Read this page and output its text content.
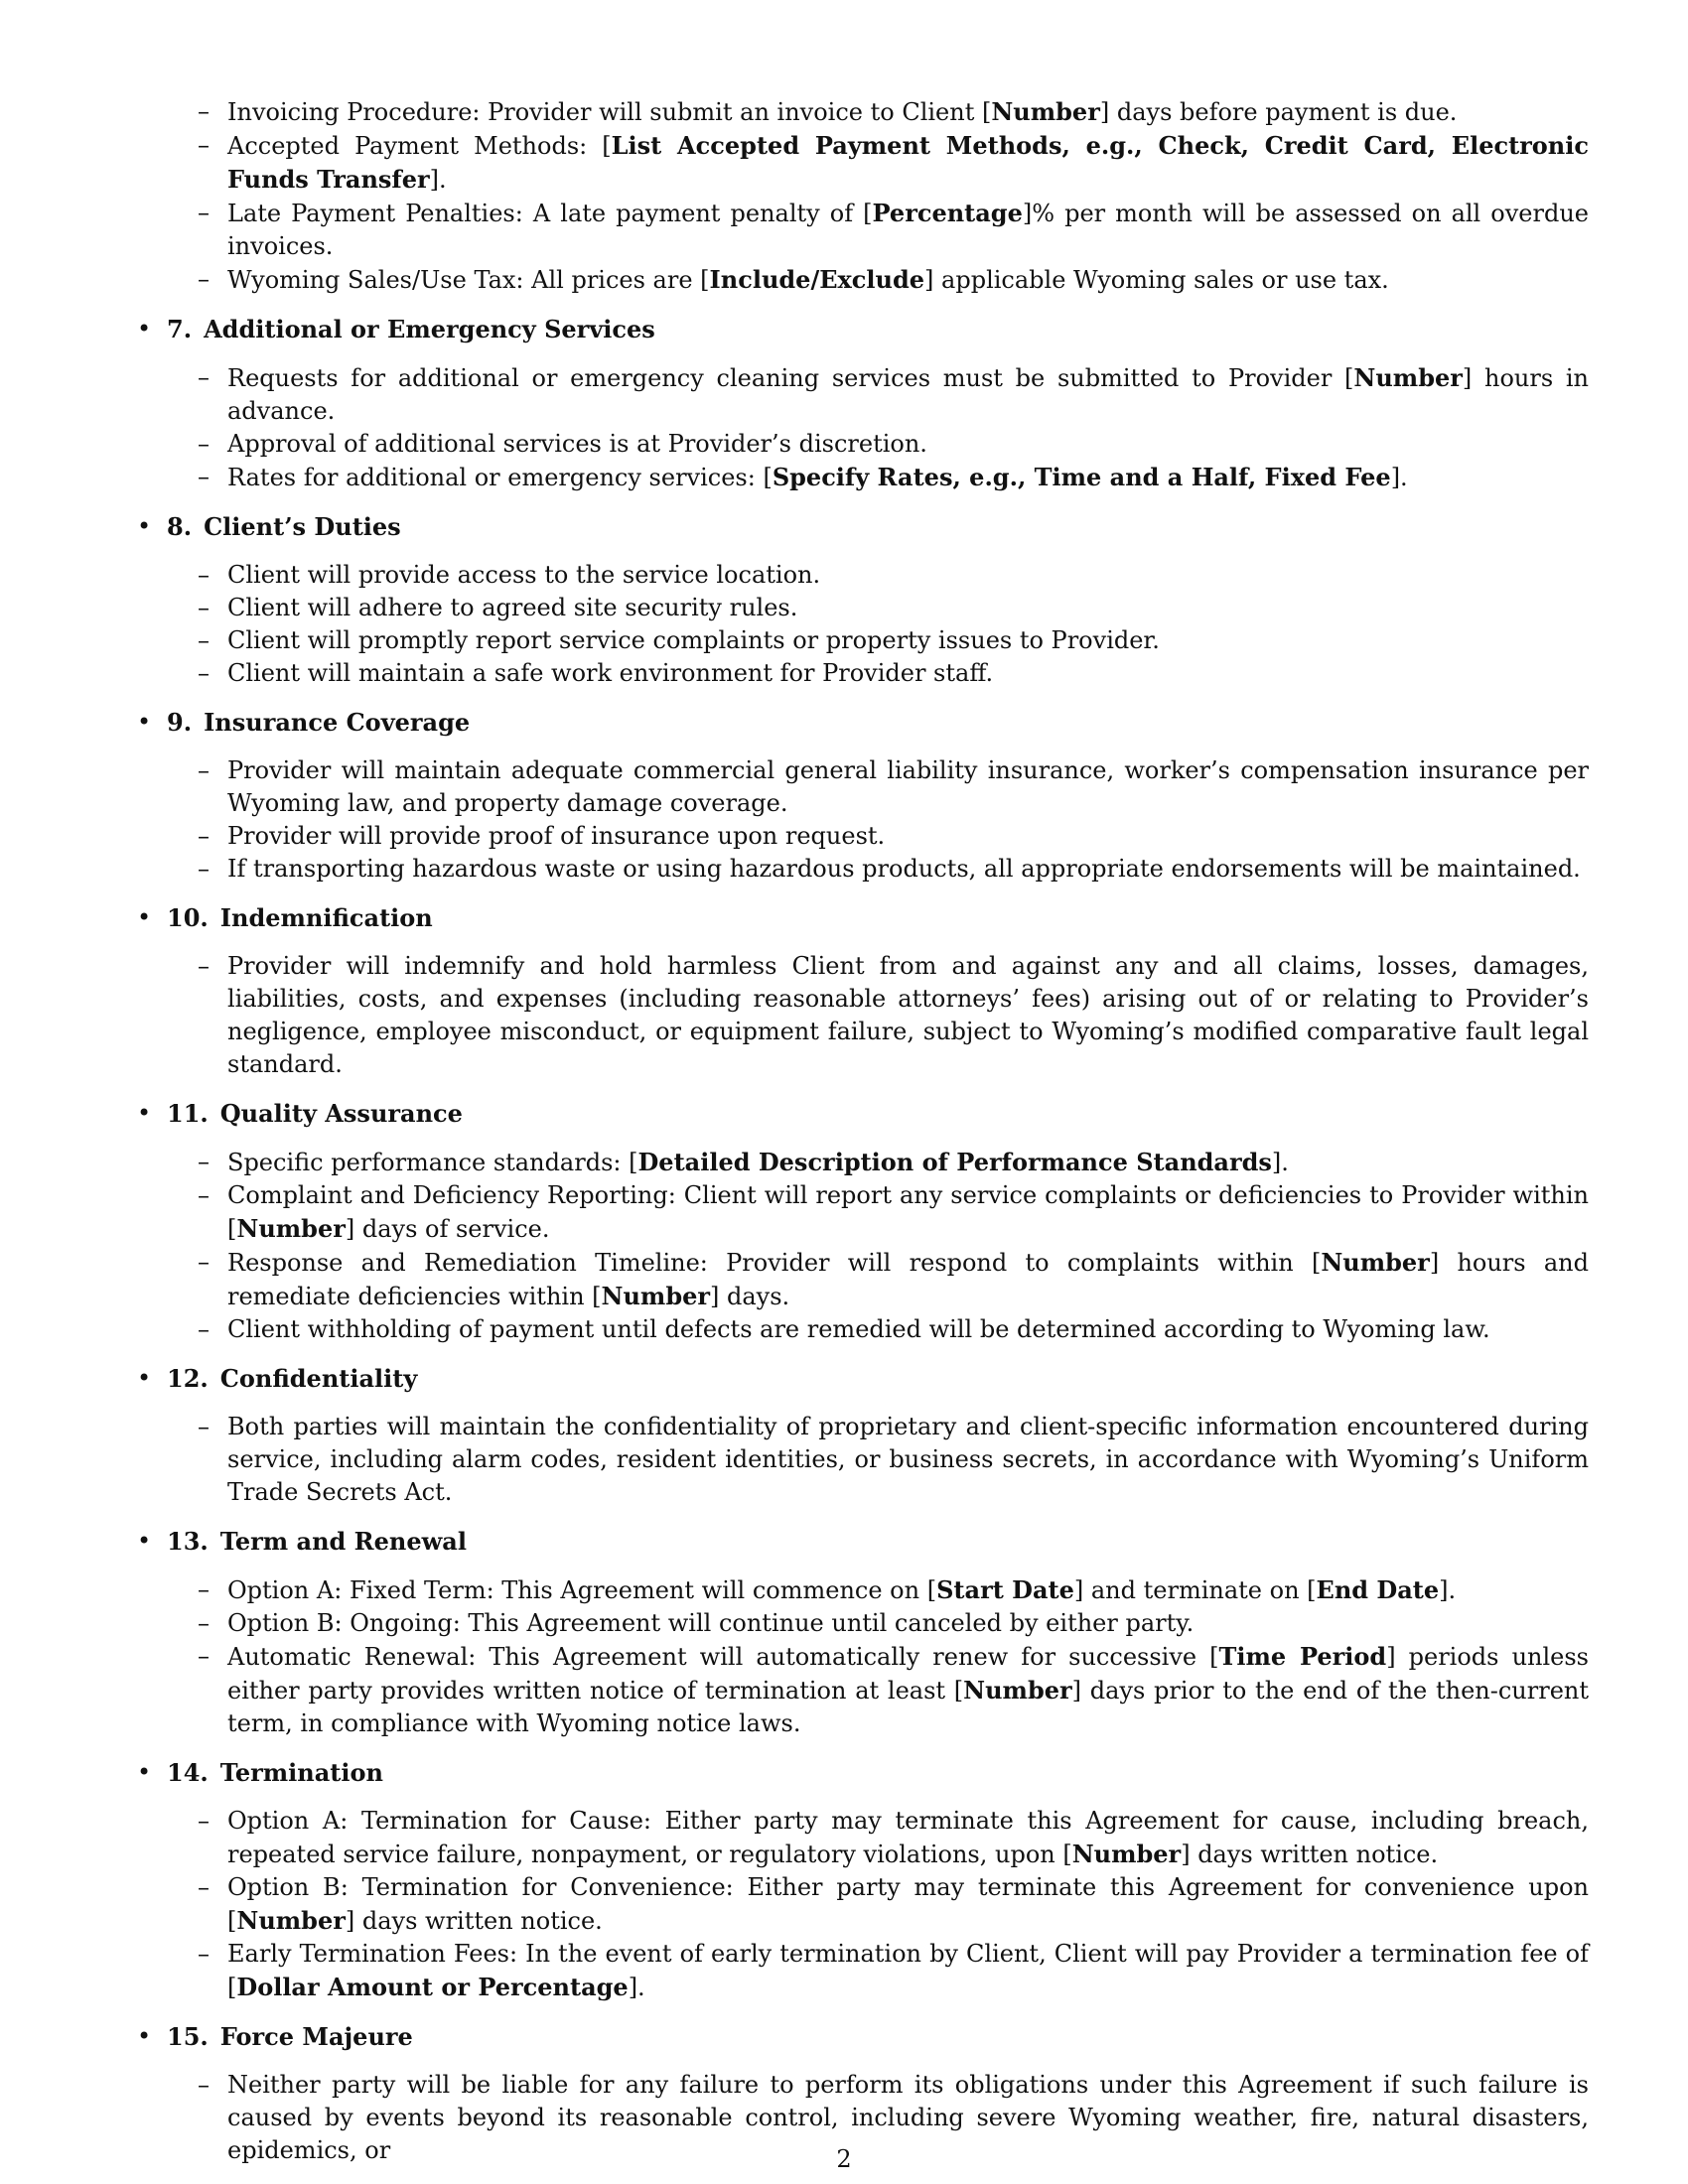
– Invoicing Procedure: Provider will submit an invoice to Client [Number] days before payment is due.
– Accepted Payment Methods: [List Accepted Payment Methods, e.g., Check, Credit Card, Electronic Funds Transfer].
– Late Payment Penalties: A late payment penalty of [Percentage]% per month will be assessed on all overdue invoices.
– Wyoming Sales/Use Tax: All prices are [Include/Exclude] applicable Wyoming sales or use tax.
• 7. Additional or Emergency Services
– Requests for additional or emergency cleaning services must be submitted to Provider [Number] hours in advance.
– Approval of additional services is at Provider’s discretion.
– Rates for additional or emergency services: [Specify Rates, e.g., Time and a Half, Fixed Fee].
• 8. Client’s Duties
– Client will provide access to the service location.
– Client will adhere to agreed site security rules.
– Client will promptly report service complaints or property issues to Provider.
– Client will maintain a safe work environment for Provider staff.
• 9. Insurance Coverage
– Provider will maintain adequate commercial general liability insurance, worker’s compensation insurance per Wyoming law, and property damage coverage.
– Provider will provide proof of insurance upon request.
– If transporting hazardous waste or using hazardous products, all appropriate endorsements will be maintained.
• 10. Indemnification
– Provider will indemnify and hold harmless Client from and against any and all claims, losses, damages, liabilities, costs, and expenses (including reasonable attorneys’ fees) arising out of or relating to Provider’s negligence, employee misconduct, or equipment failure, subject to Wyoming’s modified comparative fault legal standard.
• 11. Quality Assurance
– Specific performance standards: [Detailed Description of Performance Standards].
– Complaint and Deficiency Reporting: Client will report any service complaints or deficiencies to Provider within [Number] days of service.
– Response and Remediation Timeline: Provider will respond to complaints within [Number] hours and remediate deficiencies within [Number] days.
– Client withholding of payment until defects are remedied will be determined according to Wyoming law.
• 12. Confidentiality
– Both parties will maintain the confidentiality of proprietary and client-specific information encountered during service, including alarm codes, resident identities, or business secrets, in accordance with Wyoming’s Uniform Trade Secrets Act.
• 13. Term and Renewal
– Option A: Fixed Term: This Agreement will commence on [Start Date] and terminate on [End Date].
– Option B: Ongoing: This Agreement will continue until canceled by either party.
– Automatic Renewal: This Agreement will automatically renew for successive [Time Period] periods unless either party provides written notice of termination at least [Number] days prior to the end of the then-current term, in compliance with Wyoming notice laws.
• 14. Termination
– Option A: Termination for Cause: Either party may terminate this Agreement for cause, including breach, repeated service failure, nonpayment, or regulatory violations, upon [Number] days written notice.
– Option B: Termination for Convenience: Either party may terminate this Agreement for convenience upon [Number] days written notice.
– Early Termination Fees: In the event of early termination by Client, Client will pay Provider a termination fee of [Dollar Amount or Percentage].
• 15. Force Majeure
– Neither party will be liable for any failure to perform its obligations under this Agreement if such failure is caused by events beyond its reasonable control, including severe Wyoming weather, fire, natural disasters, epidemics, or	2
